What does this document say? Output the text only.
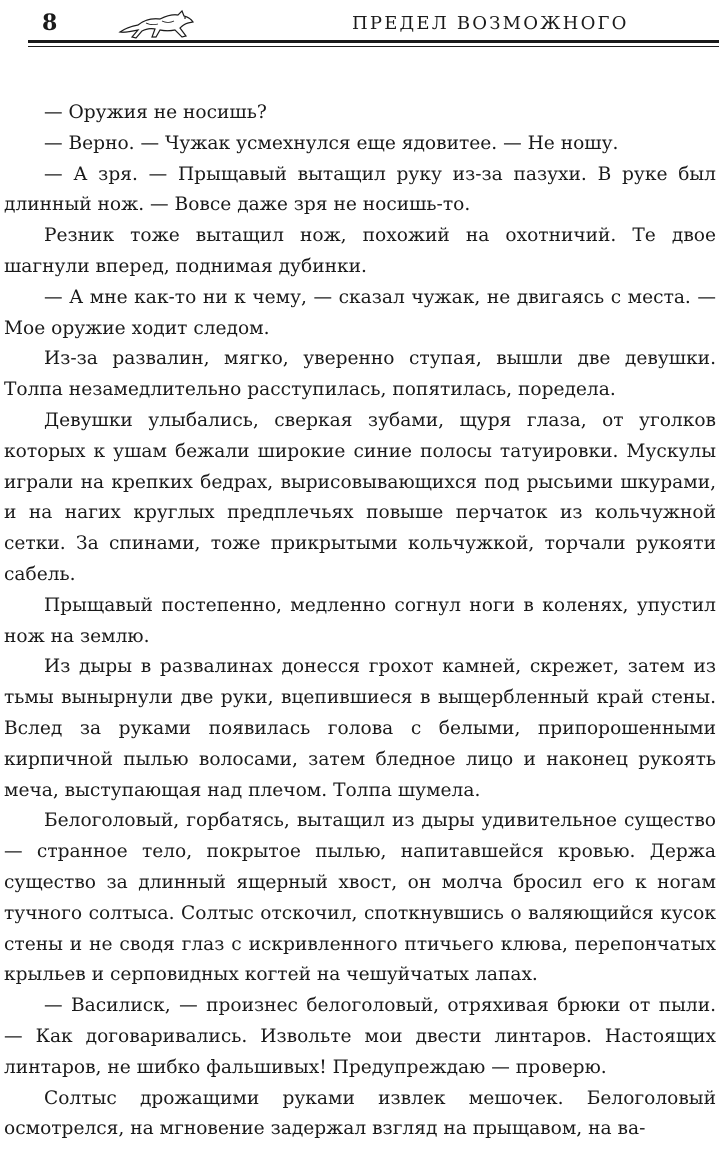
8	ПРЕДЕЛ ВОЗМОЖНОГО

— Оружия не носишь?

— Верно. — Чужак усмехнулся еще ядовитее. — Не ношу.

— А зря. — Прыщавый вытащил руку из-за пазухи. В руке был длинный нож. — Вовсе даже зря не носишь-то.

Резник тоже вытащил нож, похожий на охотничий. Те двое шагнули вперед, поднимая дубинки.

— А мне как-то ни к чему, — сказал чужак, не двигаясь с места. — Мое оружие ходит следом.

Из-за развалин, мягко, уверенно ступая, вышли две девушки. Толпа незамедлительно расступилась, попятилась, поредела.

Девушки улыбались, сверкая зубами, щуря глаза, от уголков которых к ушам бежали широкие синие полосы татуировки. Мускулы играли на крепких бедрах, вырисовывающихся под рысьими шкурами, и на нагих круглых предплечьях повыше перчаток из кольчужной сетки. За спинами, тоже прикрытыми кольчужкой, торчали рукояти сабель.

Прыщавый постепенно, медленно согнул ноги в коленях, упустил нож на землю.

Из дыры в развалинах донесся грохот камней, скрежет, затем из тьмы вынырнули две руки, вцепившиеся в выщербленный край стены. Вслед за руками появилась голова с белыми, припорошенными кирпичной пылью волосами, затем бледное лицо и наконец рукоять меча, выступающая над плечом. Толпа шумела.

Белоголовый, горбатясь, вытащил из дыры удивительное существо — странное тело, покрытое пылью, напитавшейся кровью. Держа существо за длинный ящерный хвост, он молча бросил его к ногам тучного солтыса. Солтыс отскочил, споткнувшись о валяющийся кусок стены и не сводя глаз с искривленного птичьего клюва, перепончатых крыльев и серповидных когтей на чешуйчатых лапах.

— Василиск, — произнес белоголовый, отряхивая брюки от пыли. — Как договаривались. Извольте мои двести линтаров. Настоящих линтаров, не шибко фальшивых! Предупреждаю — проверю.

Солтыс дрожащими руками извлек мешочек. Белоголовый осмотрелся, на мгновение задержал взгляд на прыщавом, на ва-
